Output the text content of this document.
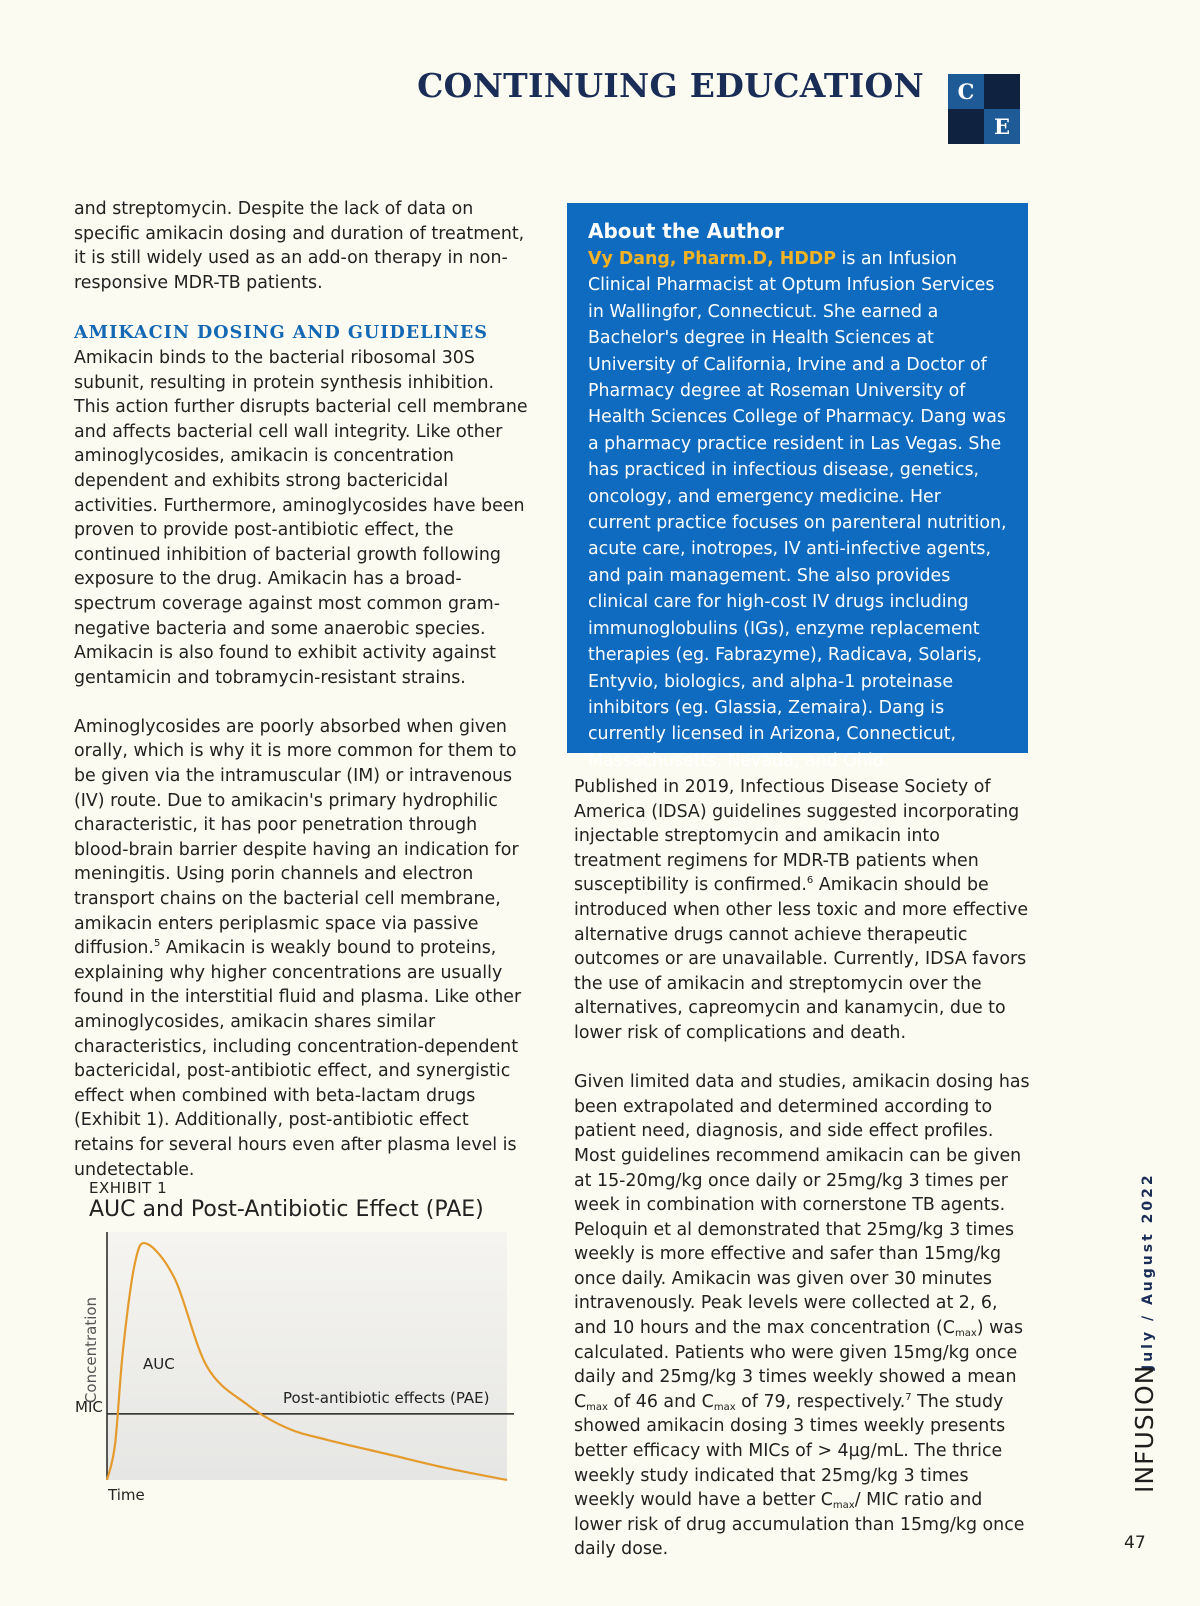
CONTINUING EDUCATION C
E

and streptomycin. Despite the lack of data on specific amikacin dosing and duration of treatment, it is still widely used as an add-on therapy in non-responsive MDR-TB patients.

AMIKACIN DOSING AND GUIDELINES

Amikacin binds to the bacterial ribosomal 30S subunit, resulting in protein synthesis inhibition. This action further disrupts bacterial cell membrane and affects bacterial cell wall integrity. Like other aminoglycosides, amikacin is concentration dependent and exhibits strong bactericidal activities. Furthermore, aminoglycosides have been proven to provide post-antibiotic effect, the continued inhibition of bacterial growth following exposure to the drug. Amikacin has a broad-spectrum coverage against most common gram-negative bacteria and some anaerobic species. Amikacin is also found to exhibit activity against gentamicin and tobramycin-resistant strains.

Aminoglycosides are poorly absorbed when given orally, which is why it is more common for them to be given via the intramuscular (IM) or intravenous (IV) route. Due to amikacin's primary hydrophilic characteristic, it has poor penetration through blood-brain barrier despite having an indication for meningitis. Using porin channels and electron transport chains on the bacterial cell membrane, amikacin enters periplasmic space via passive diffusion.$^5$ Amikacin is weakly bound to proteins, explaining why higher concentrations are usually found in the interstitial fluid and plasma. Like other aminoglycosides, amikacin shares similar characteristics, including concentration-dependent bactericidal, post-antibiotic effect, and synergistic effect when combined with beta-lactam drugs (Exhibit 1). Additionally, post-antibiotic effect retains for several hours even after plasma level is undetectable.

About the Author
Vy Dang, Pharm.D, HDDP is an Infusion Clinical Pharmacist at Optum Infusion Services in Wallingfor, Connecticut. She earned a Bachelor's degree in Health Sciences at University of California, Irvine and a Doctor of Pharmacy degree at Roseman University of Health Sciences College of Pharmacy. Dang was a pharmacy practice resident in Las Vegas. She has practiced in infectious disease, genetics, oncology, and emergency medicine. Her current practice focuses on parenteral nutrition, acute care, inotropes, IV anti-infective agents, and pain management. She also provides clinical care for high-cost IV drugs including immunoglobulins (IGs), enzyme replacement therapies (eg. Fabrazyme), Radicava, Solaris, Entyvio, biologics, and alpha-1 proteinase inhibitors (eg. Glassia, Zemaira). Dang is currently licensed in Arizona, Connecticut, Massachusetts, Nevada, and Ohio.

Published in 2019, Infectious Disease Society of America (IDSA) guidelines suggested incorporating injectable streptomycin and amikacin into treatment regimens for MDR-TB patients when susceptibility is confirmed.$^6$ Amikacin should be introduced when other less toxic and more effective alternative drugs cannot achieve therapeutic outcomes or are unavailable. Currently, IDSA favors the use of amikacin and streptomycin over the alternatives, capreomycin and kanamycin, due to lower risk of complications and death.

Given limited data and studies, amikacin dosing has been extrapolated and determined according to patient need, diagnosis, and side effect profiles. Most guidelines recommend amikacin can be given at 15-20mg/kg once daily or 25mg/kg 3 times per week in combination with cornerstone TB agents. Peloquin et al demonstrated that 25mg/kg 3 times weekly is more effective and safer than 15mg/kg once daily. Amikacin was given over 30 minutes intravenously. Peak levels were collected at 2, 6, and 10 hours and the max concentration $(C_{max})$ was calculated. Patients who were given 15mg/kg once daily and 25mg/kg 3 times weekly showed a mean $C_{max}$ of 46 and $C_{max}$ of 79, respectively.$^7$ The study showed amikacin dosing 3 times weekly presents better efficacy with MICs of > 4µg/mL. The thrice weekly study indicated that 25mg/kg 3 times weekly would have a better $C_{max}/$ MIC ratio and lower risk of drug accumulation than 15mg/kg once daily dose.

EXHIBIT 1
AUC and Post-Antibiotic Effect (PAE)
MIC
AUC
Post-antibiotic effects (PAE)
Concentration
Time
July / August 2022
INFUSION
47
